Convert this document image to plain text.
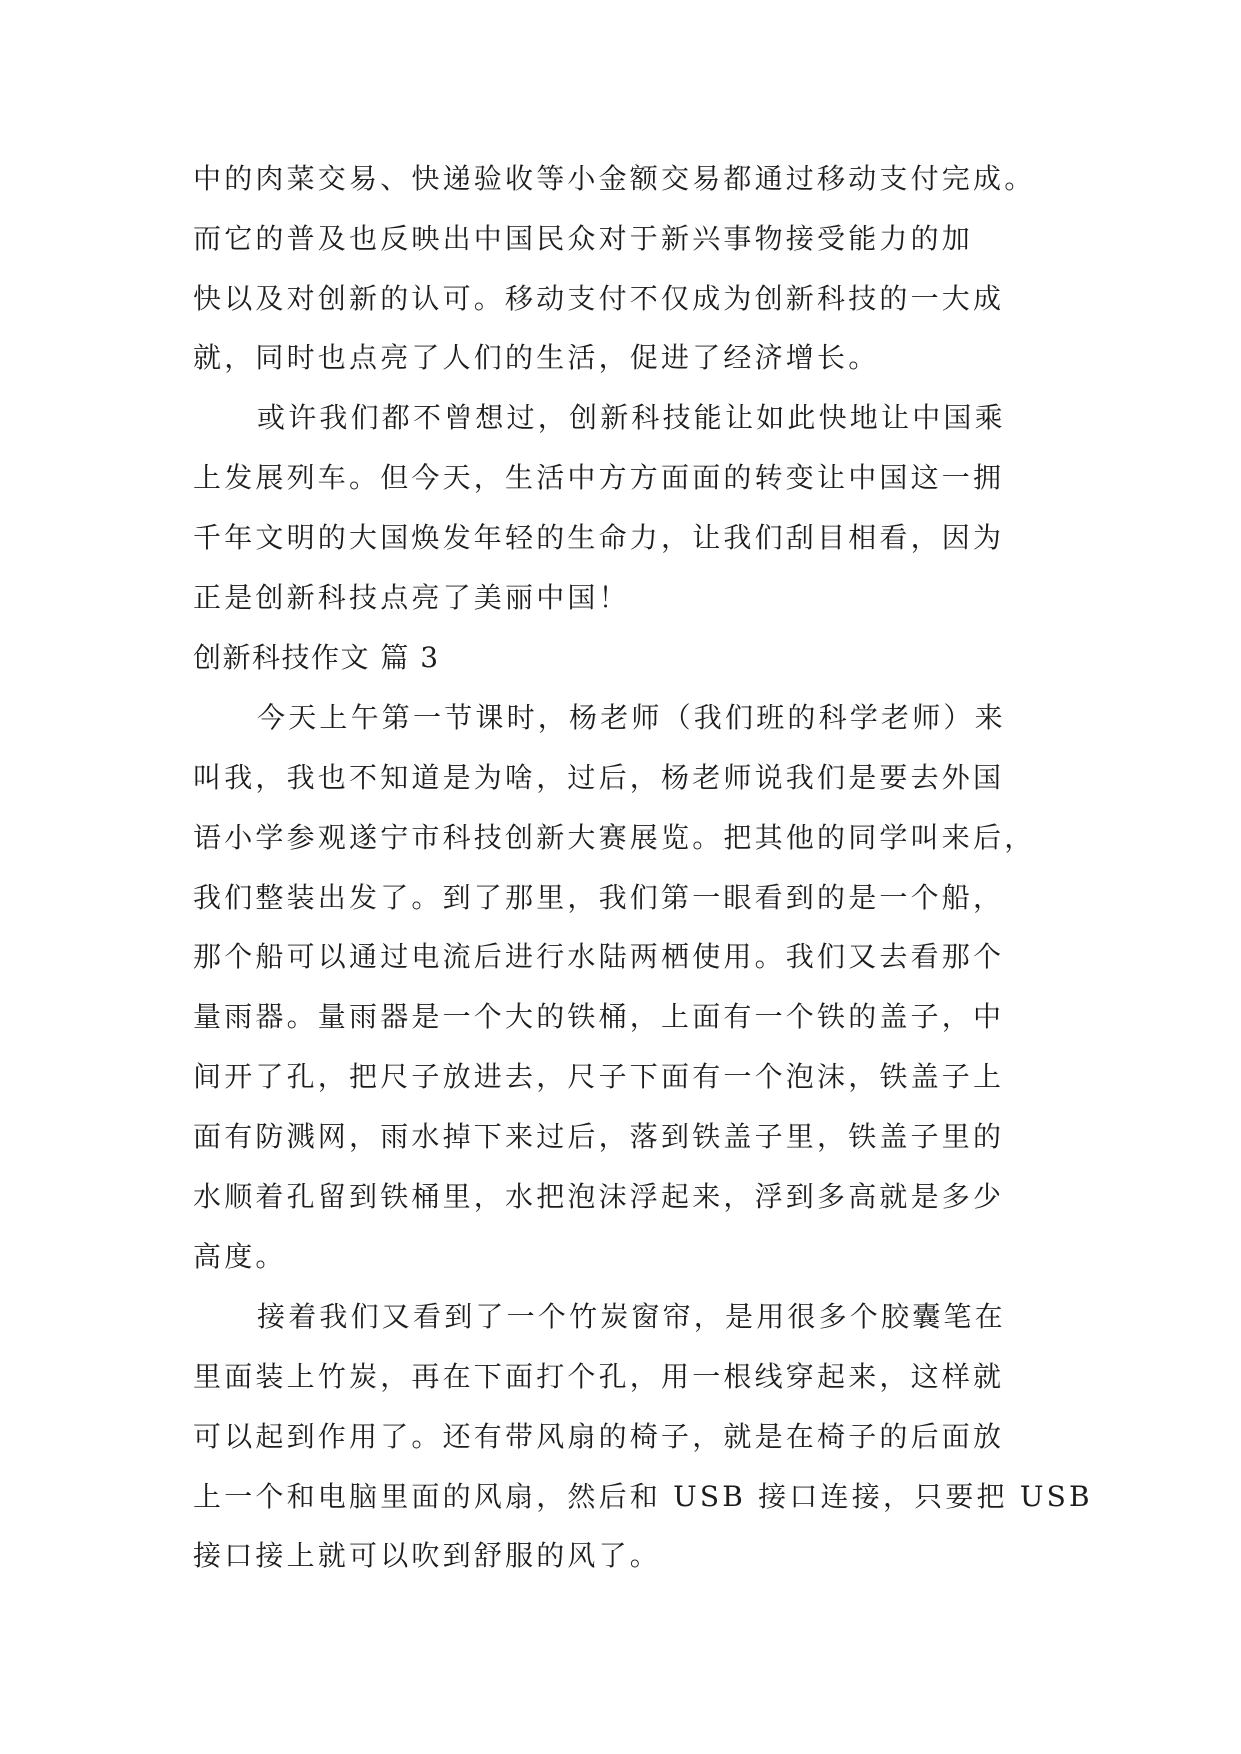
中的肉菜交易、快递验收等小金额交易都通过移动支付完成。
而它的普及也反映出中国民众对于新兴事物接受能力的加
快以及对创新的认可。移动支付不仅成为创新科技的一大成
就，同时也点亮了人们的生活，促进了经济增长。
或许我们都不曾想过，创新科技能让如此快地让中国乘
上发展列车。但今天，生活中方方面面的转变让中国这一拥
千年文明的大国焕发年轻的生命力，让我们刮目相看，因为
正是创新科技点亮了美丽中国！
创新科技作文 篇 3
今天上午第一节课时，杨老师（我们班的科学老师）来
叫我，我也不知道是为啥，过后，杨老师说我们是要去外国
语小学参观遂宁市科技创新大赛展览。把其他的同学叫来后，
我们整装出发了。到了那里，我们第一眼看到的是一个船，
那个船可以通过电流后进行水陆两栖使用。我们又去看那个
量雨器。量雨器是一个大的铁桶，上面有一个铁的盖子，中
间开了孔，把尺子放进去，尺子下面有一个泡沫，铁盖子上
面有防溅网，雨水掉下来过后，落到铁盖子里，铁盖子里的
水顺着孔留到铁桶里，水把泡沫浮起来，浮到多高就是多少
高度。
接着我们又看到了一个竹炭窗帘，是用很多个胶囊笔在
里面装上竹炭，再在下面打个孔，用一根线穿起来，这样就
可以起到作用了。还有带风扇的椅子，就是在椅子的后面放
上一个和电脑里面的风扇，然后和 USB 接口连接，只要把 USB
接口接上就可以吹到舒服的风了。
